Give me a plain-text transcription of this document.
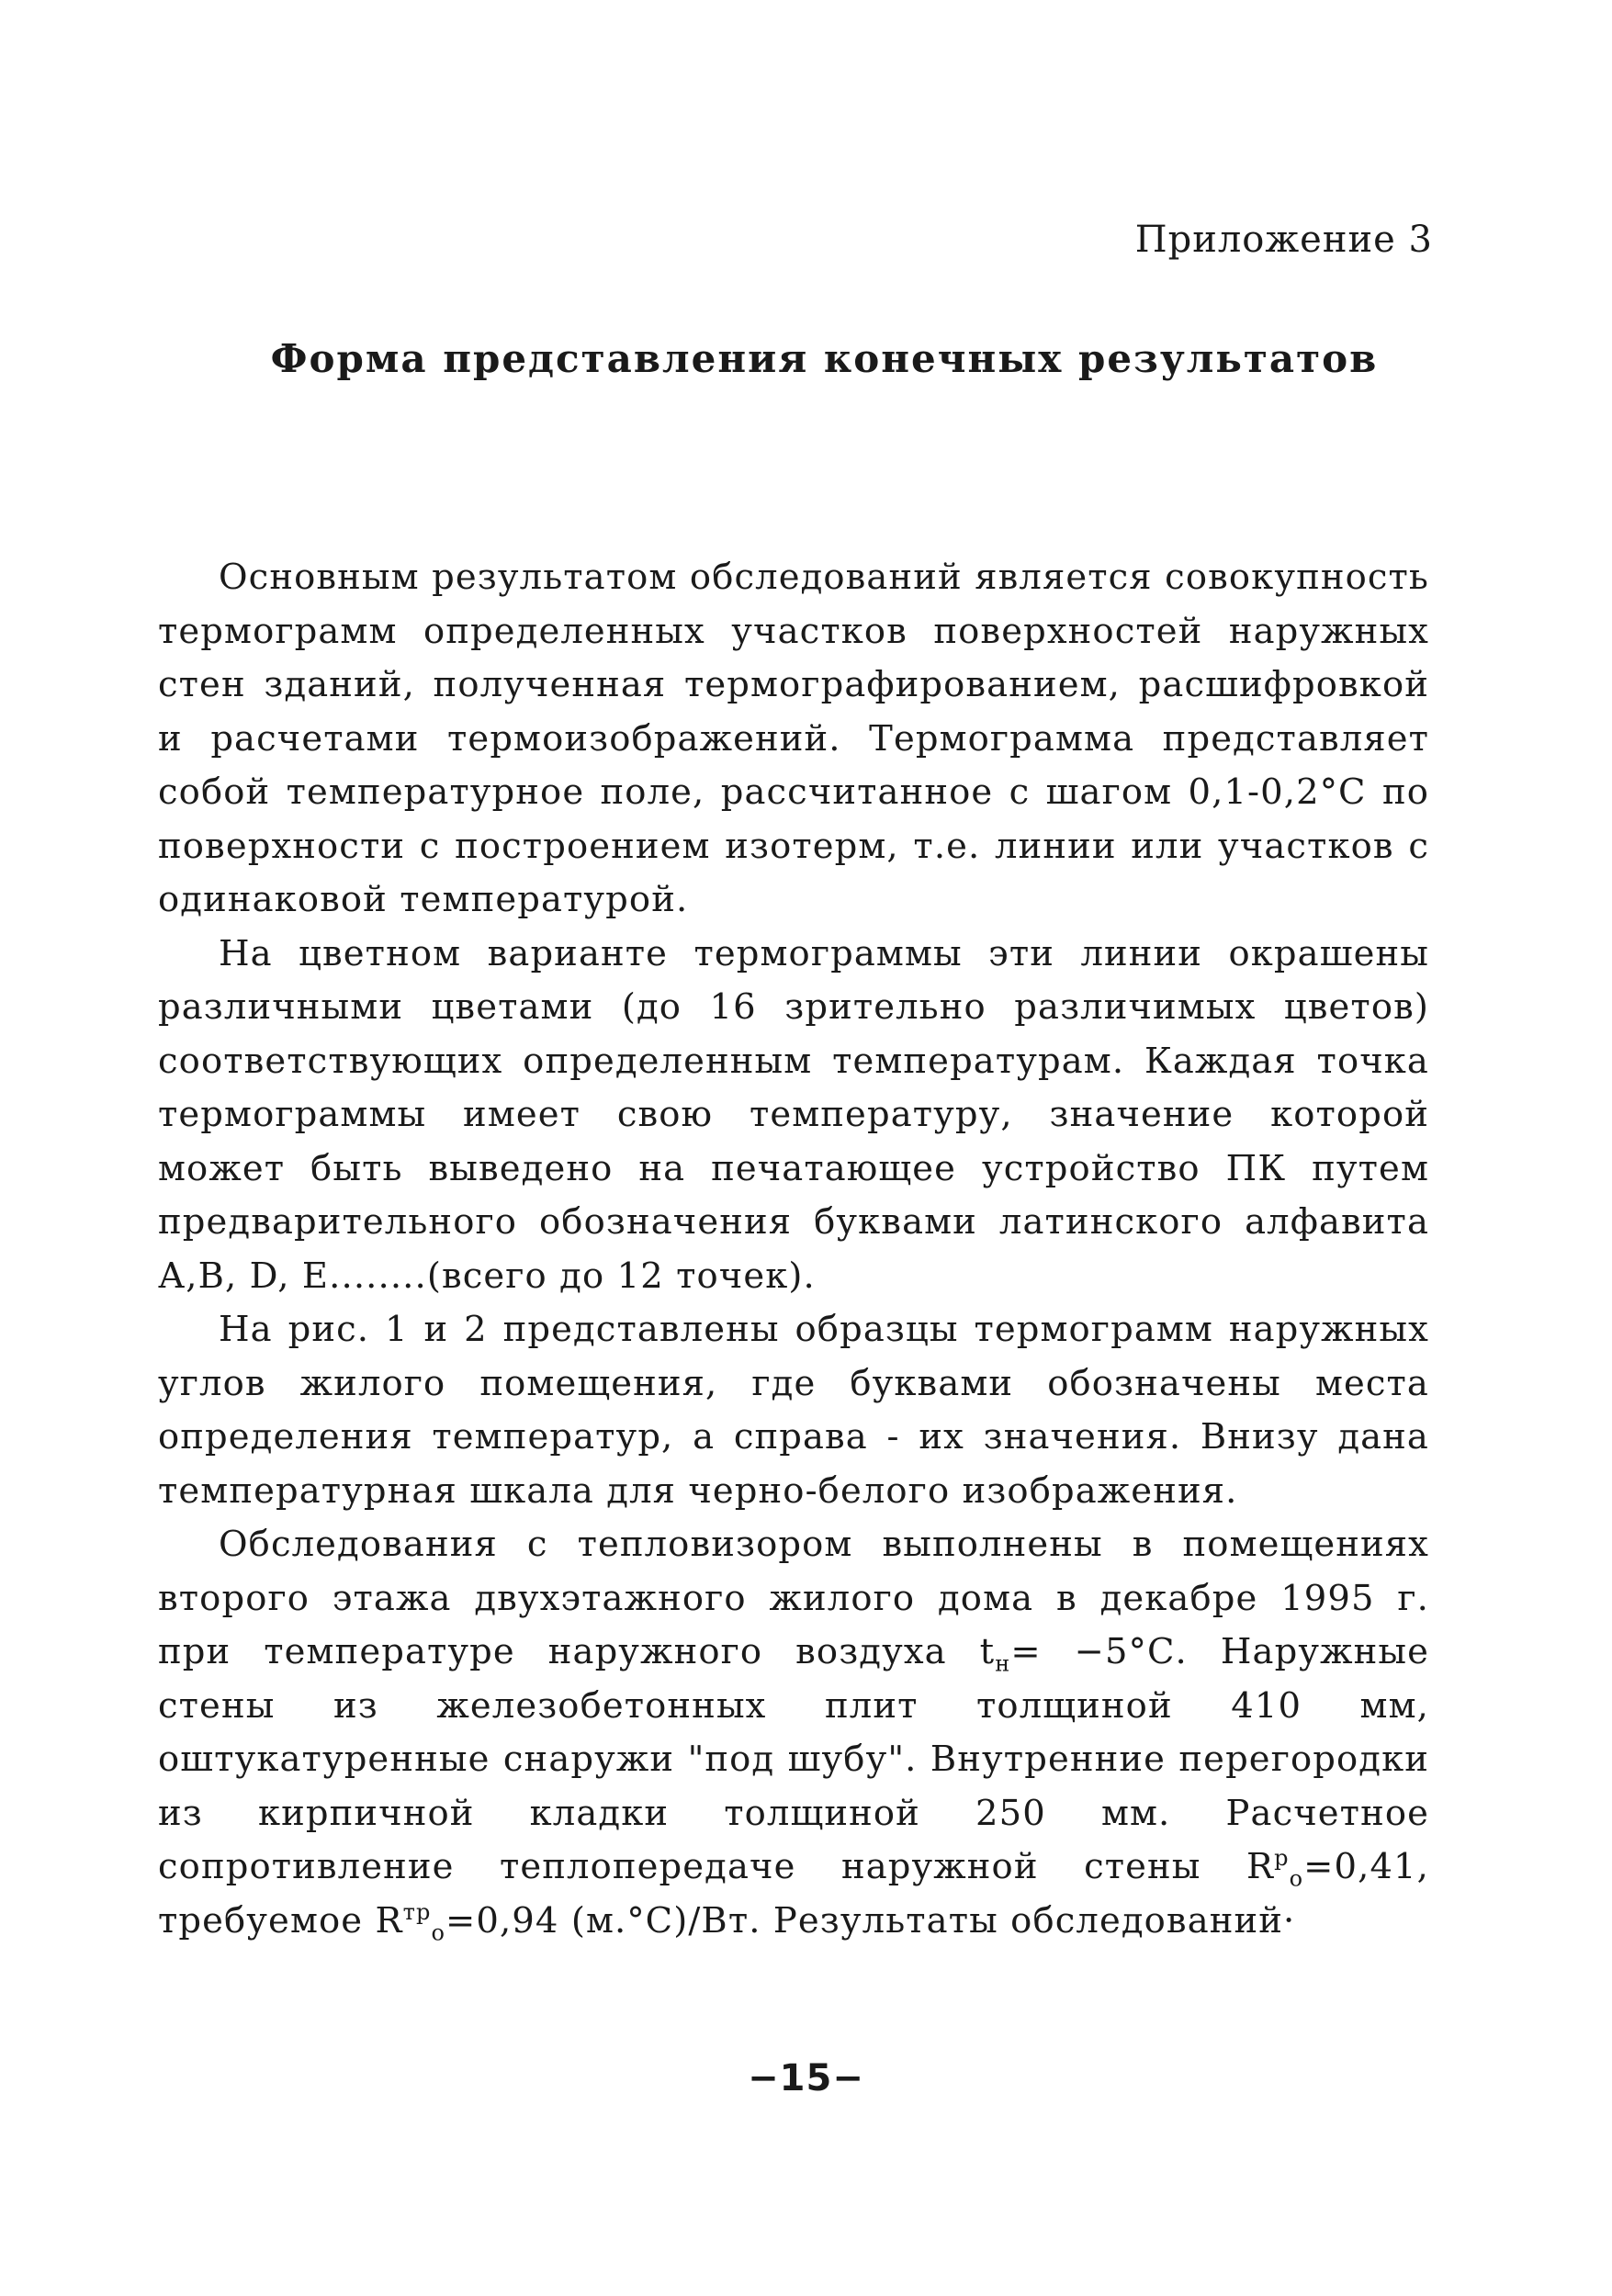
Приложение 3
Форма представления конечных результатов

Основным результатом обследований является совокупность термограмм определенных участков поверхностей наружных стен зданий, полученная термографированием, расшифровкой и расчетами термоизображений. Термограмма представляет собой температурное поле, рассчитанное с шагом 0,1-0,2°С по поверхности с построением изотерм, т.е. линии или участков с одинаковой температурой.

На цветном варианте термограммы эти линии окрашены различными цветами (до 16 зрительно различимых цветов) соответствующих определенным температурам. Каждая точка термограммы имеет свою температуру, значение которой может быть выведено на печатающее устройство ПК путем предварительного обозначения буквами латинского алфавита А,В, D, Е........(всего до 12 точек).

На рис. 1 и 2 представлены образцы термограмм наружных углов жилого помещения, где буквами обозначены места определения температур, а справа - их значения. Внизу дана температурная шкала для черно-белого изображения.

Обследования с тепловизором выполнены в помещениях второго этажа двухэтажного жилого дома в декабре 1995 г. при температуре наружного воздуха $t_н= -5^\circ С$. Наружные стены из железобетонных плит толщиной 410 мм, оштукатуренные снаружи "под шубу". Внутренние перегородки из кирпичной кладки толщиной 250 мм. Расчетное сопротивление теплопередаче наружной стены $R^р_о=0,41$, требуемое $R^{тр}_о=0,94$ (м.°С)/Вт. Результаты обследований·

−15−
